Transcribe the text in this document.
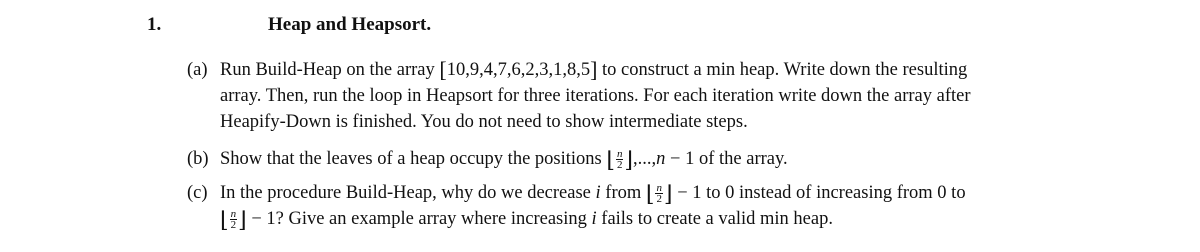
1.	Heap and Heapsort.
(a) Run Build-Heap on the array [10,9,4,7,6,2,3,1,8,5] to construct a min heap. Write down the resulting
array. Then, run the loop in Heapsort for three iterations. For each iteration write down the array after
Heapify-Down is finished. You do not need to show intermediate steps.
(b) Show that the leaves of a heap occupy the positions ⌊ $\frac{n}{2}$ ⌋,...,n − 1 of the array.
(c) In the procedure Build-Heap, why do we decrease i from ⌊ $\frac{n}{2}$ ⌋ − 1 to 0 instead of increasing from 0 to
⌊ $\frac{n}{2}$ ⌋ − 1? Give an example array where increasing i fails to create a valid min heap.
